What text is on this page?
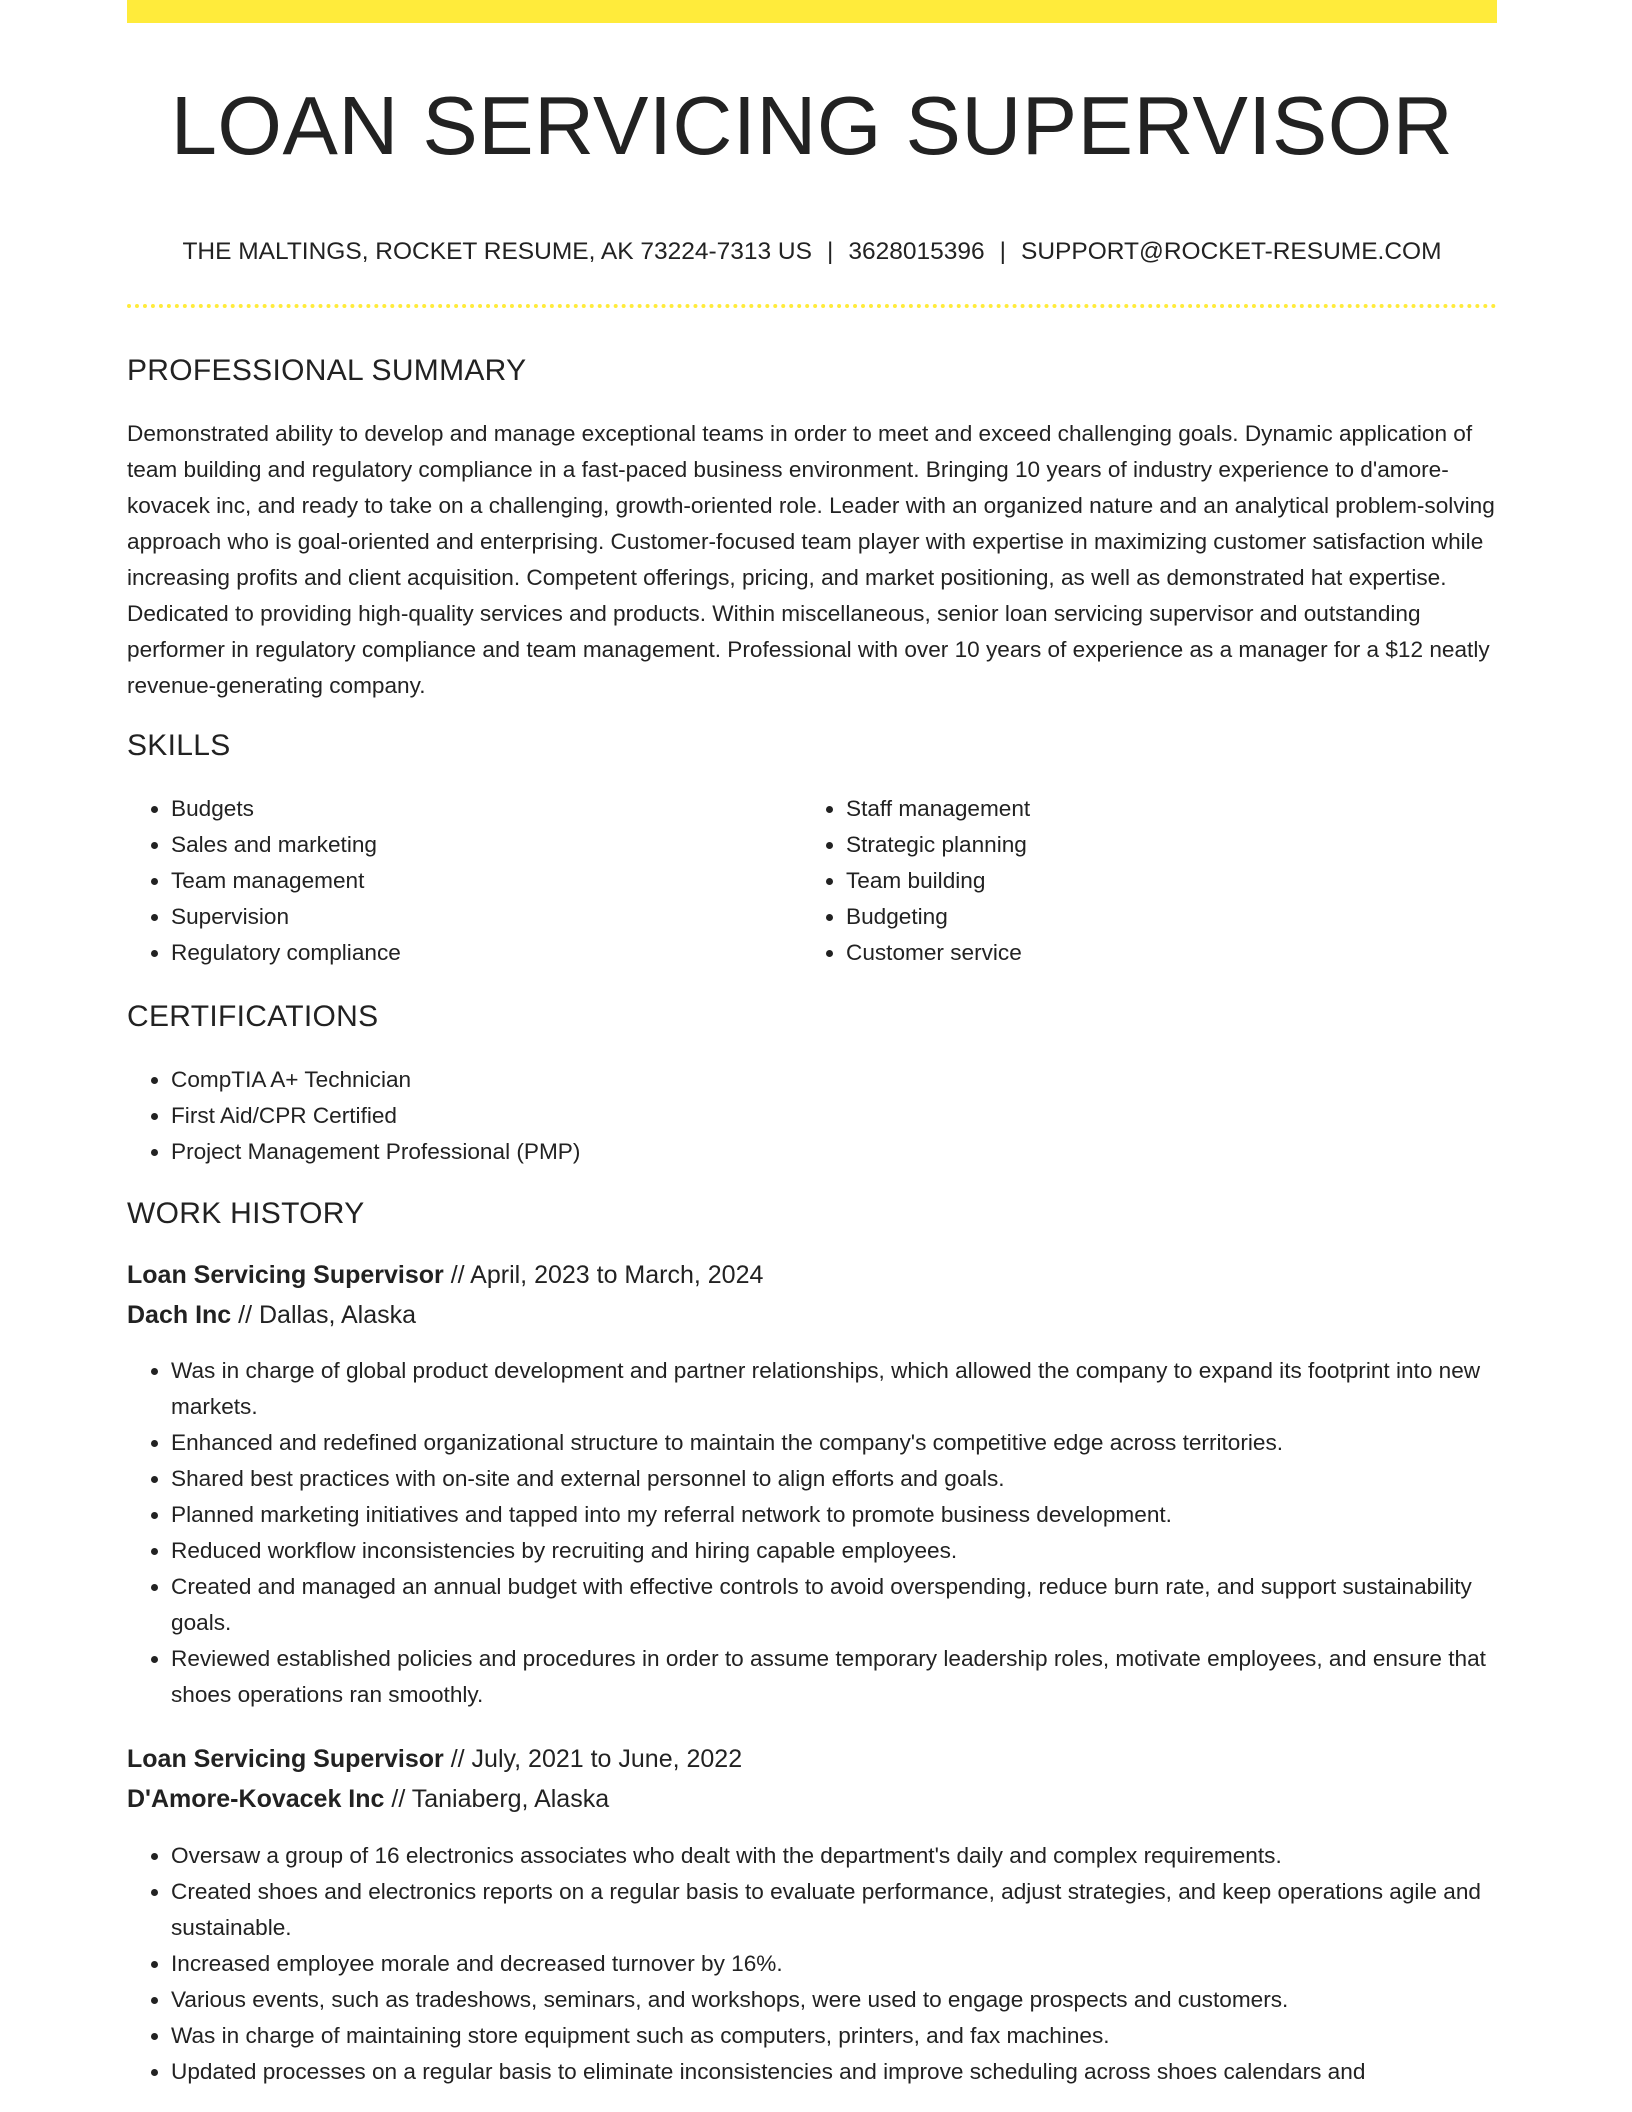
LOAN SERVICING SUPERVISOR
THE MALTINGS, ROCKET RESUME, AK 73224-7313 US | 3628015396 | SUPPORT@ROCKET-RESUME.COM
PROFESSIONAL SUMMARY

Demonstrated ability to develop and manage exceptional teams in order to meet and exceed challenging goals. Dynamic application of team building and regulatory compliance in a fast-paced business environment. Bringing 10 years of industry experience to d'amore-kovacek inc, and ready to take on a challenging, growth-oriented role. Leader with an organized nature and an analytical problem-solving approach who is goal-oriented and enterprising. Customer-focused team player with expertise in maximizing customer satisfaction while increasing profits and client acquisition. Competent offerings, pricing, and market positioning, as well as demonstrated hat expertise. Dedicated to providing high-quality services and products. Within miscellaneous, senior loan servicing supervisor and outstanding performer in regulatory compliance and team management. Professional with over 10 years of experience as a manager for a $12 neatly revenue-generating company.

SKILLS
• Budgets
• Sales and marketing
• Team management
• Supervision
• Regulatory compliance
• Staff management
• Strategic planning
• Team building
• Budgeting
• Customer service
CERTIFICATIONS
• CompTIA A+ Technician
• First Aid/CPR Certified
• Project Management Professional (PMP)
WORK HISTORY
Loan Servicing Supervisor // April, 2023 to March, 2024
Dach Inc // Dallas, Alaska
• Was in charge of global product development and partner relationships, which allowed the company to expand its footprint into new markets.
• Enhanced and redefined organizational structure to maintain the company's competitive edge across territories.
• Shared best practices with on-site and external personnel to align efforts and goals.
• Planned marketing initiatives and tapped into my referral network to promote business development.
• Reduced workflow inconsistencies by recruiting and hiring capable employees.
• Created and managed an annual budget with effective controls to avoid overspending, reduce burn rate, and support sustainability goals.
• Reviewed established policies and procedures in order to assume temporary leadership roles, motivate employees, and ensure that shoes operations ran smoothly.
Loan Servicing Supervisor // July, 2021 to June, 2022
D'Amore-Kovacek Inc // Taniaberg, Alaska
• Oversaw a group of 16 electronics associates who dealt with the department's daily and complex requirements.
• Created shoes and electronics reports on a regular basis to evaluate performance, adjust strategies, and keep operations agile and sustainable.
• Increased employee morale and decreased turnover by 16%.
• Various events, such as tradeshows, seminars, and workshops, were used to engage prospects and customers.
• Was in charge of maintaining store equipment such as computers, printers, and fax machines.
• Updated processes on a regular basis to eliminate inconsistencies and improve scheduling across shoes calendars and
